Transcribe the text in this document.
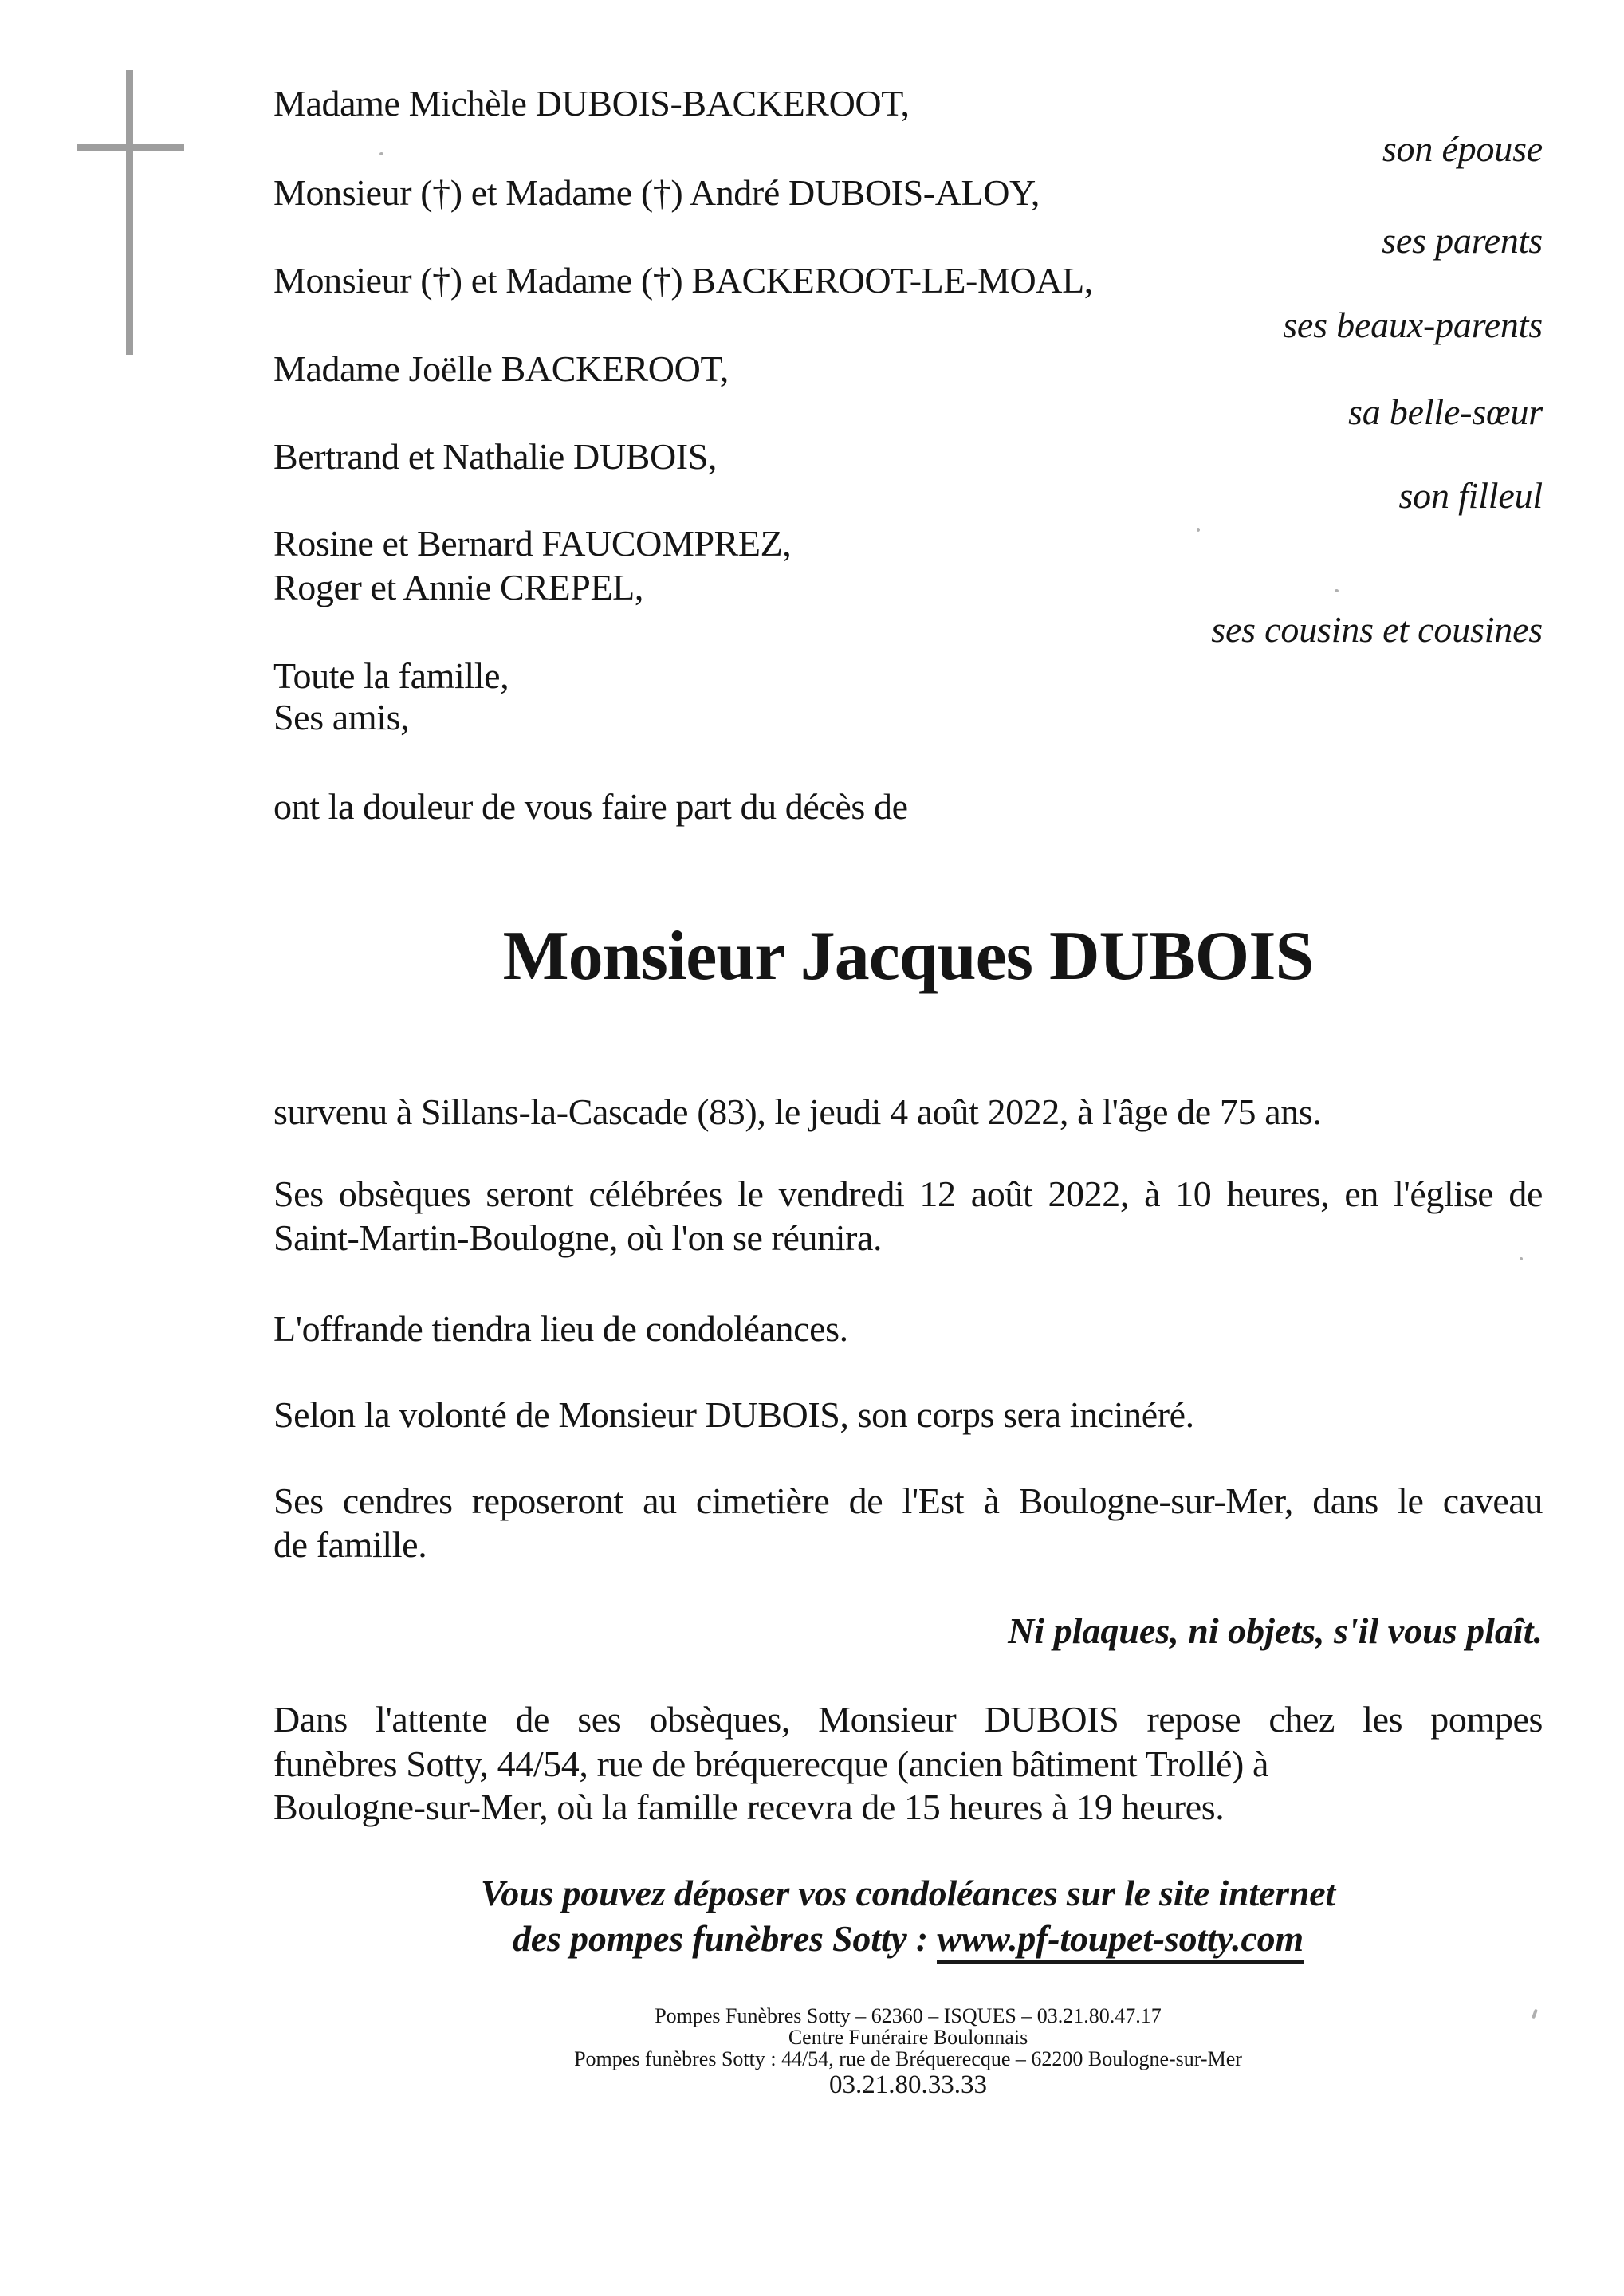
Madame Michèle DUBOIS-BACKEROOT,
son épouse
Monsieur (†) et Madame (†) André DUBOIS-ALOY,
ses parents
Monsieur (†) et Madame (†) BACKEROOT-LE-MOAL,
ses beaux-parents
Madame Joëlle BACKEROOT,
sa belle-sœur
Bertrand et Nathalie DUBOIS,
son filleul
Rosine et Bernard FAUCOMPREZ,
Roger et Annie CREPEL,
ses cousins et cousines
Toute la famille,
Ses amis,
ont la douleur de vous faire part du décès de
Monsieur Jacques DUBOIS
survenu à Sillans-la-Cascade (83), le jeudi 4 août 2022, à l'âge de 75 ans.
Ses obsèques seront célébrées le vendredi 12 août 2022, à 10 heures, en l'église de
Saint-Martin-Boulogne, où l'on se réunira.
L'offrande tiendra lieu de condoléances.
Selon la volonté de Monsieur DUBOIS, son corps sera incinéré.
Ses cendres reposeront au cimetière de l'Est à Boulogne-sur-Mer, dans le caveau
de famille.
Ni plaques, ni objets, s'il vous plaît.
Dans l'attente de ses obsèques, Monsieur DUBOIS repose chez les pompes
funèbres Sotty, 44/54, rue de bréquerecque (ancien bâtiment Trollé) à
Boulogne-sur-Mer, où la famille recevra de 15 heures à 19 heures.
Vous pouvez déposer vos condoléances sur le site internet
des pompes funèbres Sotty : www.pf-toupet-sotty.com
Pompes Funèbres Sotty – 62360 – ISQUES – 03.21.80.47.17
Centre Funéraire Boulonnais
Pompes funèbres Sotty : 44/54, rue de Bréquerecque – 62200 Boulogne-sur-Mer
03.21.80.33.33
